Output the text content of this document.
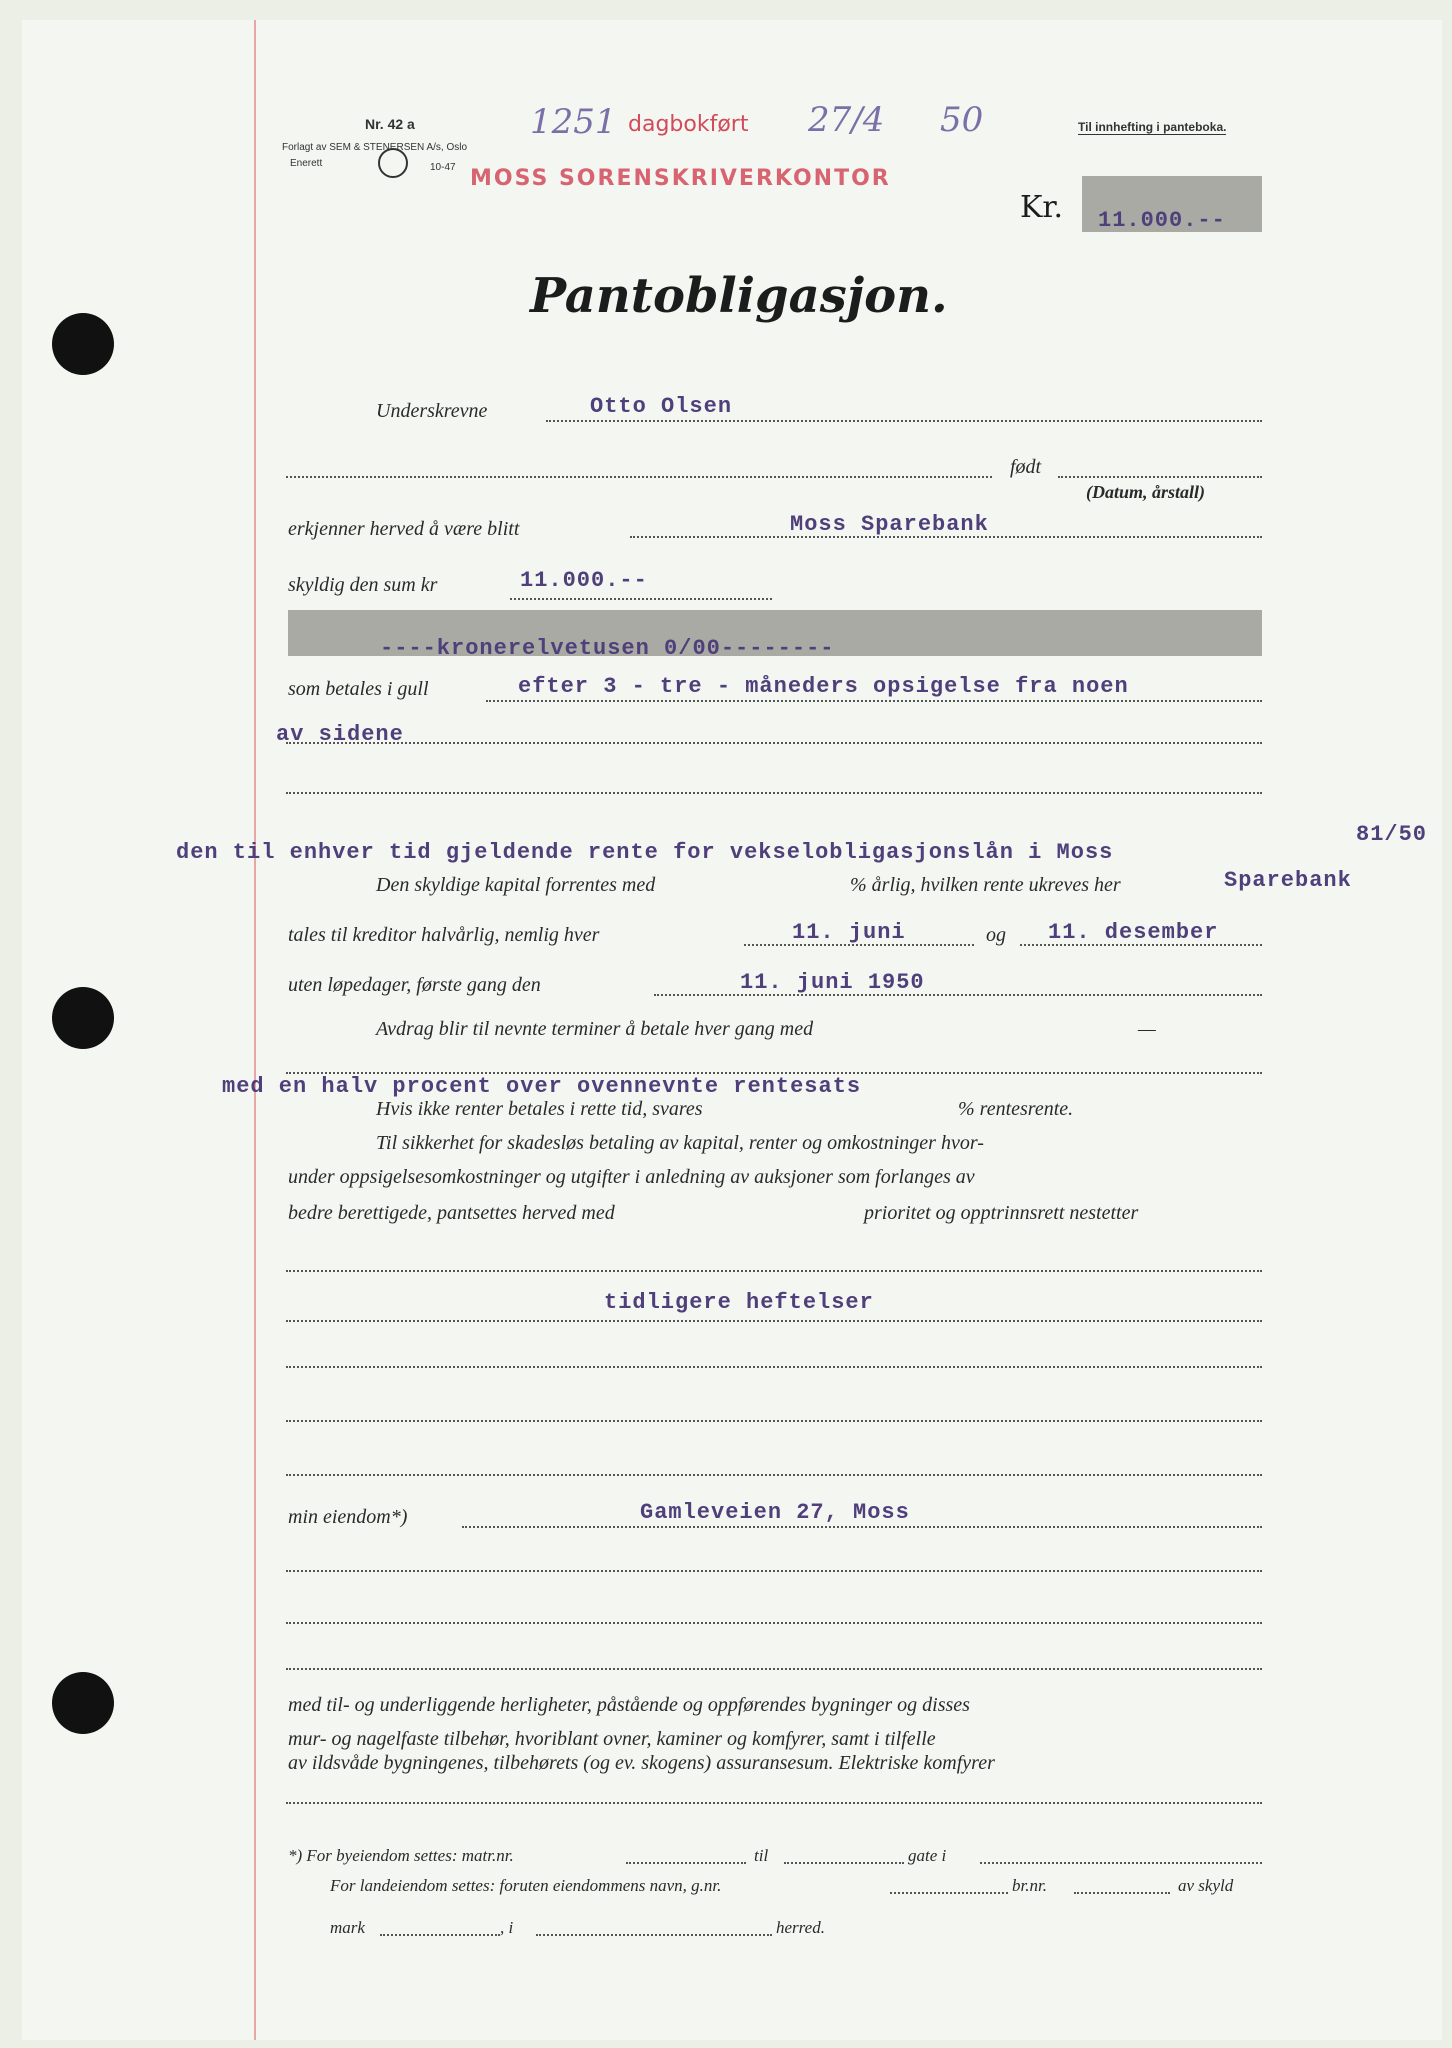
Nr. 42 a
Forlagt av SEM & STENERSEN A/s, Oslo
Enerett	10-47
1251 dagbokført 27/4 50
MOSS SORENSKRIVERKONTOR
Til innhefting i panteboka.
Kr. 11.000.--
Pantobligasjon.
Underskrevne	Otto Olsen
født
(Datum, årstall)
erkjenner herved å være blitt	Moss Sparebank
skyldig den sum kr	11.000.--
----kronerelvetusen 0/00--------
som betales i gull	efter 3 - tre - måneders opsigelse fra noen
av sidene
den til enhver tid gjeldende rente for vekselobligasjonslån i Moss
81/50
Sparebank
Den skyldige kapital forrentes med	% årlig, hvilken rente ukreves her
tales til kreditor halvårlig, nemlig hver	11. juni	og 11. desember
uten løpedager, første gang den	11. juni 1950
Avdrag blir til nevnte terminer å betale hver gang med	—
med en halv procent over ovennevnte rentesats
Hvis ikke renter betales i rette tid, svares	% rentesrente.
Til sikkerhet for skadesløs betaling av kapital, renter og omkostninger hvor-
under oppsigelsesomkostninger og utgifter i anledning av auksjoner som forlanges av
bedre berettigede, pantsettes herved med	prioritet og opptrinnsrett nestetter
tidligere heftelser
min eiendom*)	Gamleveien 27, Moss
med til- og underliggende herligheter, påstående og oppførendes bygninger og disses
mur- og nagelfaste tilbehør, hvoriblant ovner, kaminer og komfyrer, samt i tilfelle
av ildsvåde bygningenes, tilbehørets (og ev. skogens) assuransesum. Elektriske komfyrer
*) For byeiendom settes: matr.nr.	til	gate i
For landeiendom settes: foruten eiendommens navn, g.nr.	br.nr.	av skyld
mark	, i	herred.
